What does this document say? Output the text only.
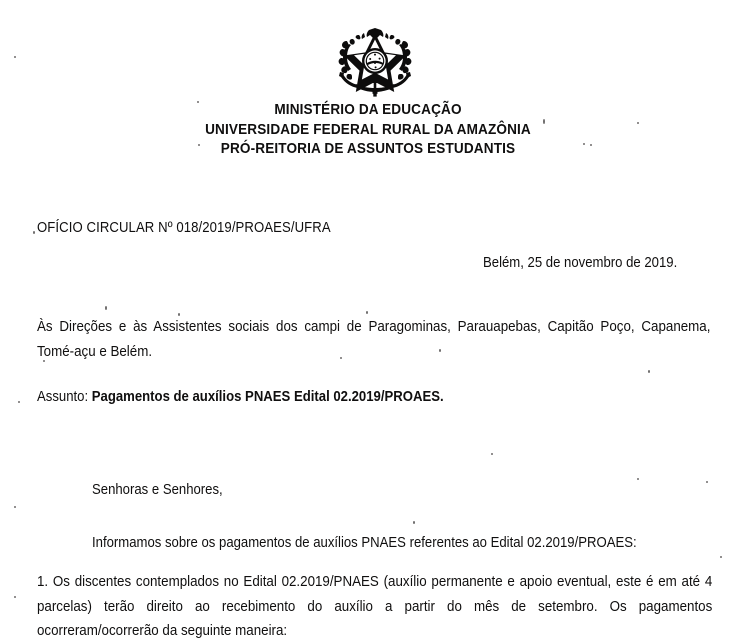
MINISTÉRIO DA EDUCAÇÃO
UNIVERSIDADE FEDERAL RURAL DA AMAZÔNIA
PRÓ-REITORIA DE ASSUNTOS ESTUDANTIS
OFÍCIO CIRCULAR Nº 018/2019/PROAES/UFRA
Belém, 25 de novembro de 2019.

Às Direções e às Assistentes sociais dos campi de Paragominas, Parauapebas, Capitão Poço, Capanema, Tomé-açu e Belém.

Assunto: Pagamentos de auxílios PNAES Edital 02.2019/PROAES.
Senhoras e Senhores,
Informamos sobre os pagamentos de auxílios PNAES referentes ao Edital 02.2019/PROAES:

1. Os discentes contemplados no Edital 02.2019/PNAES (auxílio permanente e apoio eventual, este é em até 4 parcelas) terão direito ao recebimento do auxílio a partir do mês de setembro. Os pagamentos ocorreram/ocorrerão da seguinte maneira:
